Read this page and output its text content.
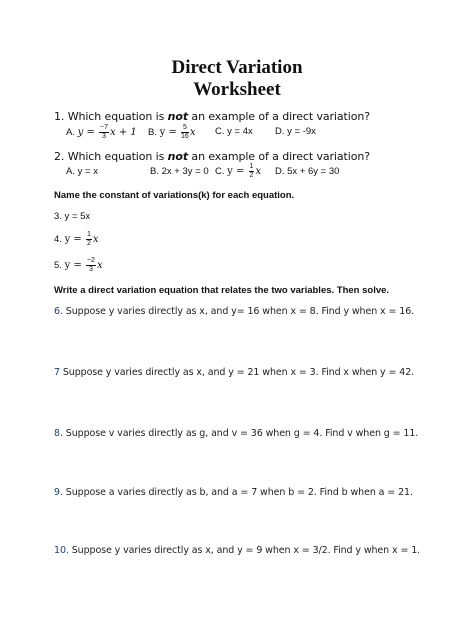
Direct Variation
Worksheet
1. Which equation is not an example of a direct variation?
A. $y = \frac{-7}{3}$ x + 1 B. $y = \frac{5}{16}$ x C. y = 4x D. y = -9x
2. Which equation is not an example of a direct variation?
A. y = x	B. 2x + 3y = 0 C. $y = \frac{1}{2}$ x D. 5x + 6y = 30
Name the constant of variations(k) for each equation.
3. y = 5x
4. $y = \frac{1}{2}$ x
5. $y = \frac{-2}{3}$ x
Write a direct variation equation that relates the two variables. Then solve.
6. Suppose y varies directly as x, and y= 16 when x = 8. Find y when x = 16.
7 Suppose y varies directly as x, and y = 21 when x = 3. Find x when y = 42.
8. Suppose v varies directly as g, and v = 36 when g = 4. Find v when g = 11.
9. Suppose a varies directly as b, and a = 7 when b = 2. Find b when a = 21.
10. Suppose y varies directly as x, and y = 9 when x = 3/2. Find y when x = 1.
